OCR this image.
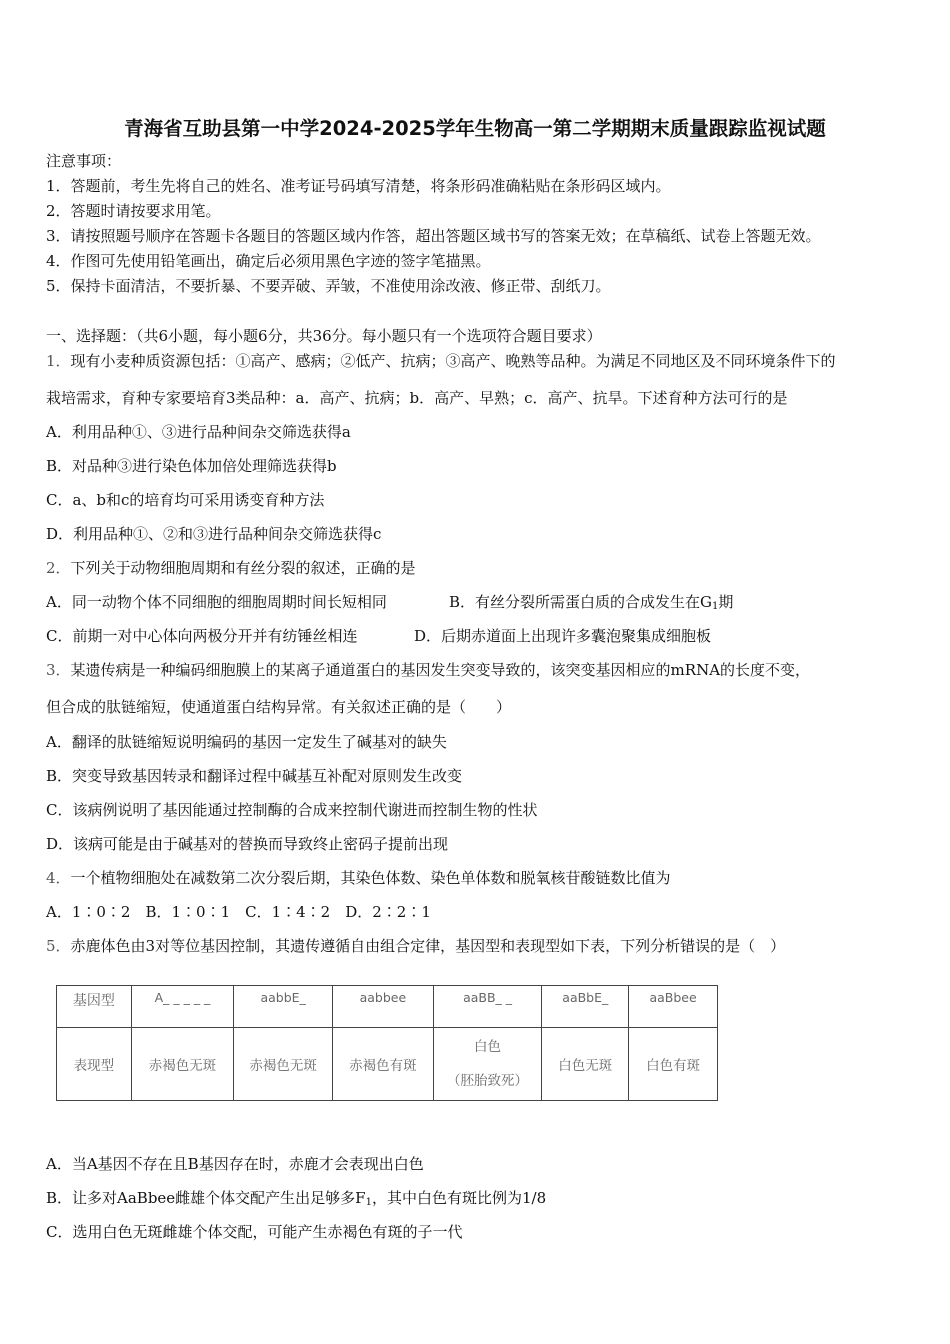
青海省互助县第一中学2024-2025学年生物高一第二学期期末质量跟踪监视试题
注意事项：
1．答题前，考生先将自己的姓名、准考证号码填写清楚，将条形码准确粘贴在条形码区域内。
2．答题时请按要求用笔。
3．请按照题号顺序在答题卡各题目的答题区域内作答，超出答题区域书写的答案无效；在草稿纸、试卷上答题无效。
4．作图可先使用铅笔画出，确定后必须用黑色字迹的签字笔描黑。
5．保持卡面清洁，不要折暴、不要弄破、弄皱，不准使用涂改液、修正带、刮纸刀。
一、选择题：（共6小题，每小题6分，共36分。每小题只有一个选项符合题目要求）
1．现有小麦种质资源包括：①高产、感病；②低产、抗病；③高产、晚熟等品种。为满足不同地区及不同环境条件下的
栽培需求，育种专家要培育3类品种：a．高产、抗病；b．高产、早熟；c．高产、抗旱。下述育种方法可行的是
A．利用品种①、③进行品种间杂交筛选获得a
B．对品种③进行染色体加倍处理筛选获得b
C．a、b和c的培育均可采用诱变育种方法
D．利用品种①、②和③进行品种间杂交筛选获得c
2．下列关于动物细胞周期和有丝分裂的叙述，正确的是
A．同一动物个体不同细胞的细胞周期时间长短相同	B．有丝分裂所需蛋白质的合成发生在$G_1$期
C．前期一对中心体向两极分开并有纺锤丝相连	D．后期赤道面上出现许多囊泡聚集成细胞板
3．某遗传病是一种编码细胞膜上的某离子通道蛋白的基因发生突变导致的，该突变基因相应的mRNA的长度不变，
但合成的肽链缩短，使通道蛋白结构异常。有关叙述正确的是（　　）
A．翻译的肽链缩短说明编码的基因一定发生了碱基对的缺失
B．突变导致基因转录和翻译过程中碱基互补配对原则发生改变
C．该病例说明了基因能通过控制酶的合成来控制代谢进而控制生物的性状
D．该病可能是由于碱基对的替换而导致终止密码子提前出现
4．一个植物细胞处在减数第二次分裂后期，其染色体数、染色单体数和脱氧核苷酸链数比值为
A．1∶0∶2　B．1∶0∶1　C．1∶4∶2　D．2∶2∶1
5．赤鹿体色由3对等位基因控制，其遗传遵循自由组合定律，基因型和表现型如下表，下列分析错误的是（　）
基因型	A_ _ _ _ _	aabbE_	aabbee	aaBB_ _	aaBbE_	aaBbee
表现型	赤褐色无斑	赤褐色无斑	赤褐色有斑	白色
（胚胎致死）	白色无斑	白色有斑
A．当A基因不存在且B基因存在时，赤鹿才会表现出白色
B．让多对AaBbee雌雄个体交配产生出足够多$F_1$，其中白色有斑比例为1/8
C．选用白色无斑雌雄个体交配，可能产生赤褐色有斑的子一代
